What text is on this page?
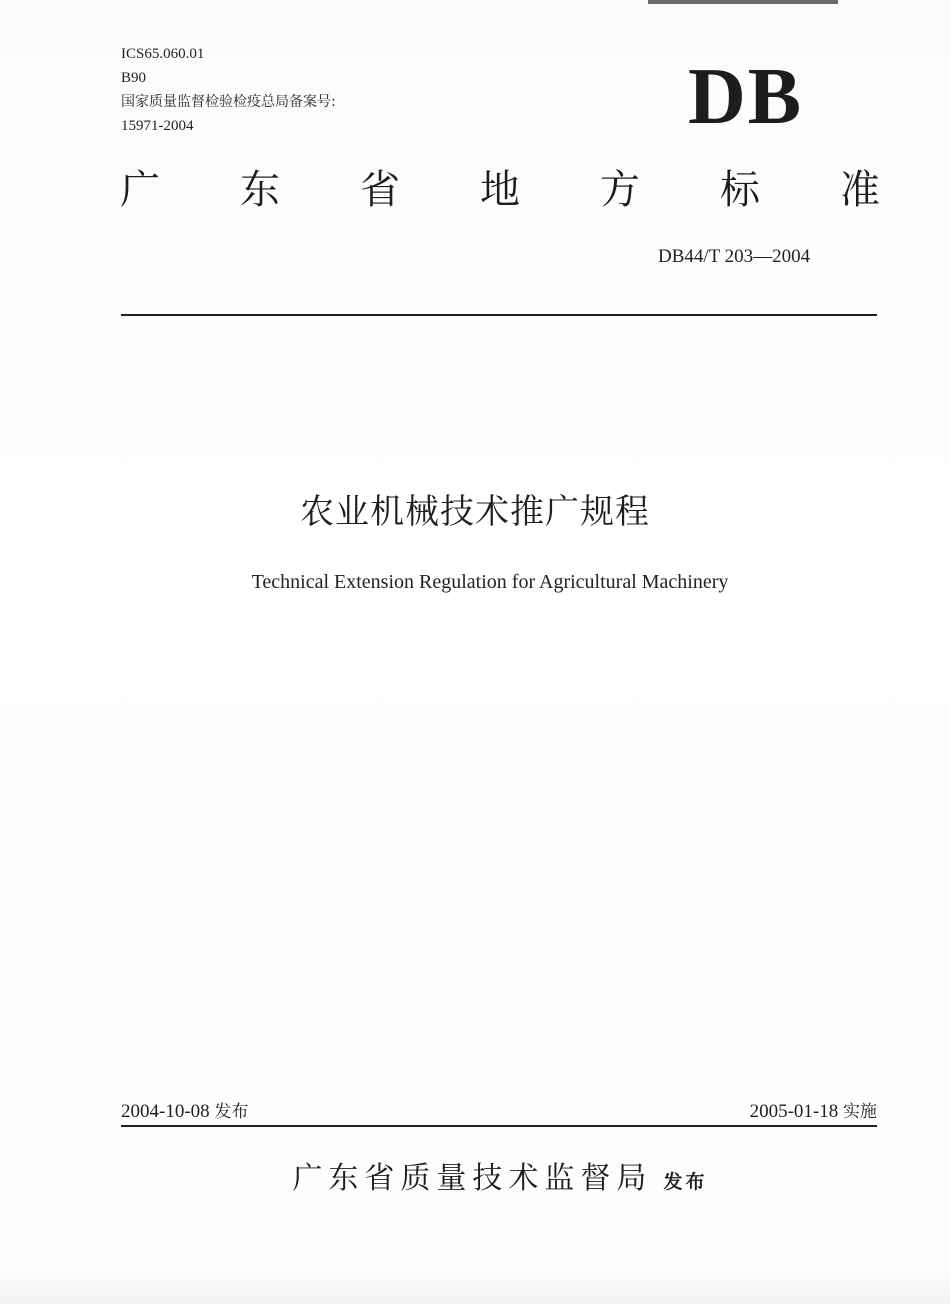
ICS65.060.01
B90
国家质量监督检验检疫总局备案号:
15971-2004	DB
广 东 省 地 方 标 准
DB44/T 203—2004
农业机械技术推广规程
Technical Extension Regulation for Agricultural Machinery
2004-10-08 发布	2005-01-18 实施
广东省质量技术监督局 发布
